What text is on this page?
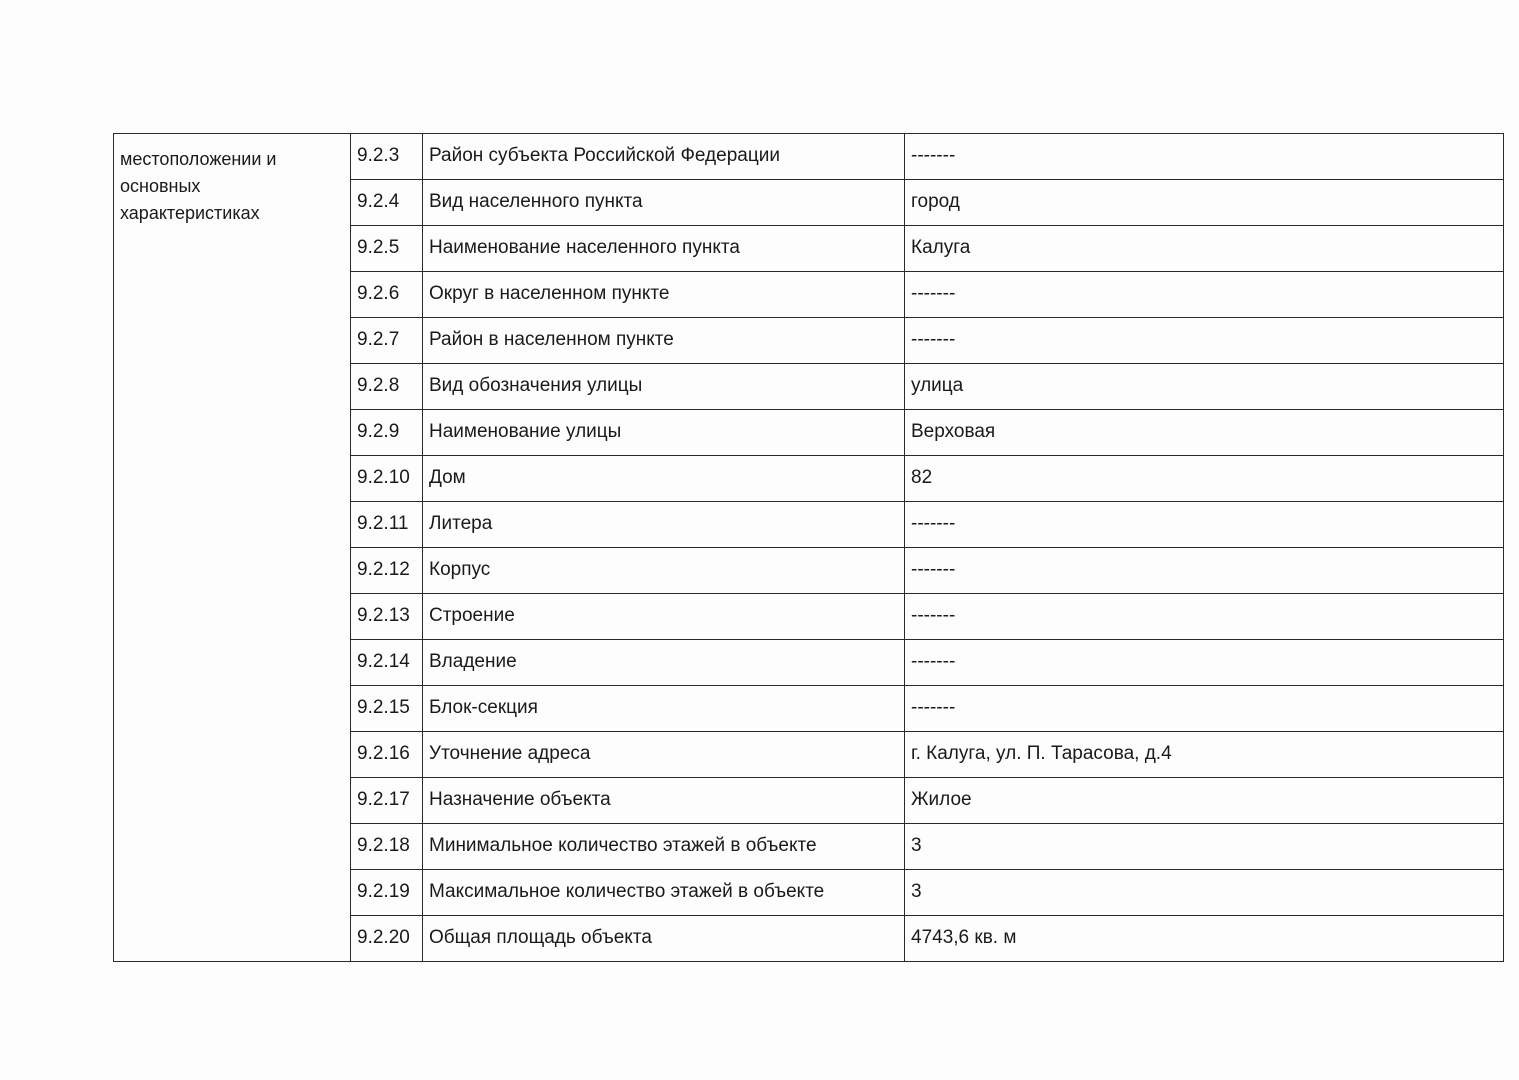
местоположении и
основных
характеристиках	9.2.3	Район субъекта Российской Федерации	-------
	9.2.4	Вид населенного пункта	город
	9.2.5	Наименование населенного пункта	Калуга
	9.2.6	Округ в населенном пункте	-------
	9.2.7	Район в населенном пункте	-------
	9.2.8	Вид обозначения улицы	улица
	9.2.9	Наименование улицы	Верховая
	9.2.10	Дом	82
	9.2.11	Литера	-------
	9.2.12	Корпус	-------
	9.2.13	Строение	-------
	9.2.14	Владение	-------
	9.2.15	Блок-секция	-------
	9.2.16	Уточнение адреса	г. Калуга, ул. П. Тарасова, д.4
	9.2.17	Назначение объекта	Жилое
	9.2.18	Минимальное количество этажей в объекте	3
	9.2.19	Максимальное количество этажей в объекте	3
	9.2.20	Общая площадь объекта	4743,6 кв. м
